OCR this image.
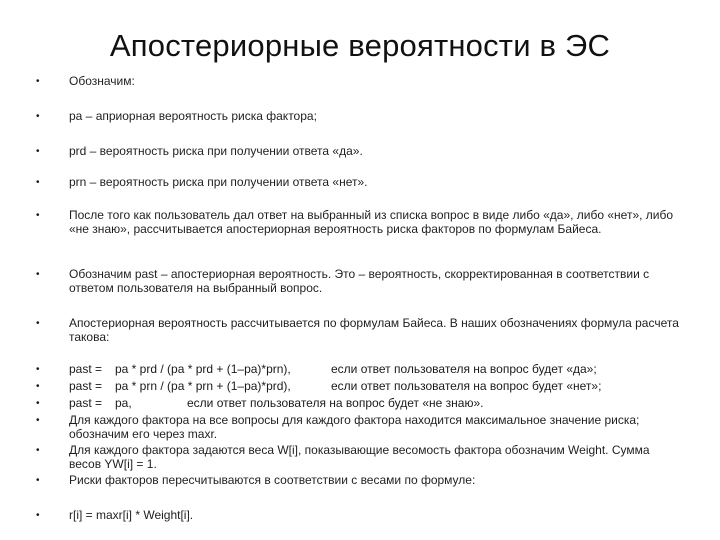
Апостериорные вероятности в ЭС
• Обозначим:
• pa – априорная вероятность риска фактора;
• prd – вероятность риска при получении ответа «да».
• prn – вероятность риска при получении ответа «нет».
• После того как пользователь дал ответ на выбранный из списка вопрос в виде либо «да», либо «нет», либо «не знаю», рассчитывается апостериорная вероятность риска факторов по формулам Байеса.
• Обозначим past – апостериорная вероятность. Это – вероятность, скорректированная в соответствии с ответом пользователя на выбранный вопрос.
• Апостериорная вероятность рассчитывается по формулам Байеса. В наших обозначениях формула расчета такова:
• past = pa * prd / (pa * prd + (1–pa)*prn),	если ответ пользователя на вопрос будет «да»;
• past = pa * prn / (pa * prn + (1–pa)*prd),	если ответ пользователя на вопрос будет «нет»;
• past = pa,	если ответ пользователя на вопрос будет «не знаю».
• Для каждого фактора на все вопросы для каждого фактора находится максимальное значение риска; обозначим его через maxr.
• Для каждого фактора задаются веса W[i], показывающие весомость фактора обозначим Weight. Сумма весов ΥW[i] = 1.
• Риски факторов пересчитываются в соответствии с весами по формуле:
• r[i] = maxr[i] * Weight[i].
